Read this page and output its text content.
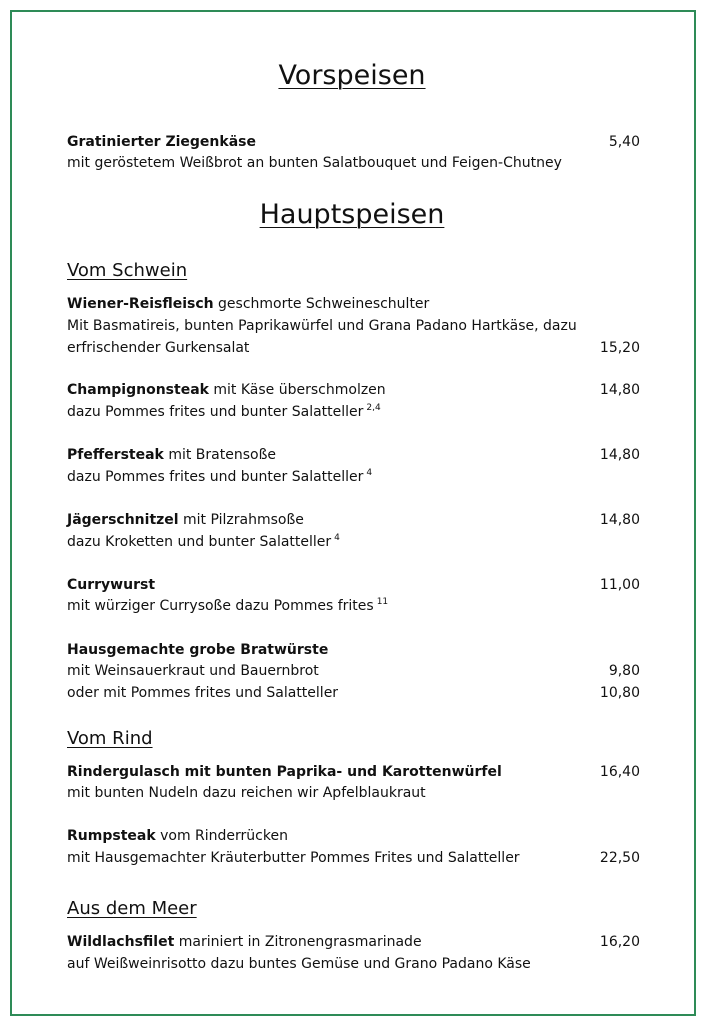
Vorspeisen
Gratinierter Ziegenkäse	5,40
mit geröstetem Weißbrot an bunten Salatbouquet und Feigen-Chutney
Hauptspeisen
Vom Schwein
Wiener-Reisfleisch geschmorte Schweineschulter
Mit Basmatireis, bunten Paprikawürfel und Grana Padano Hartkäse, dazu
erfrischender Gurkensalat	15,20
Champignonsteak mit Käse überschmolzen	14,80
dazu Pommes frites und bunter Salatteller $^{2,4}$
Pfeffersteak mit Bratensoße	14,80
dazu Pommes frites und bunter Salatteller $^4$
Jägerschnitzel mit Pilzrahmsoße	14,80
dazu Kroketten und bunter Salatteller $^4$
Currywurst	11,00
mit würziger Currysoße dazu Pommes frites $^{11}$
Hausgemachte grobe Bratwürste
mit Weinsauerkraut und Bauernbrot	9,80
oder mit Pommes frites und Salatteller	10,80
Vom Rind
Rindergulasch mit bunten Paprika- und Karottenwürfel	16,40
mit bunten Nudeln dazu reichen wir Apfelblaukraut
Rumpsteak vom Rinderrücken
mit Hausgemachter Kräuterbutter Pommes Frites und Salatteller	22,50
Aus dem Meer
Wildlachsfilet mariniert in Zitronengrasmarinade	16,20
auf Weißweinrisotto dazu buntes Gemüse und Grano Padano Käse
